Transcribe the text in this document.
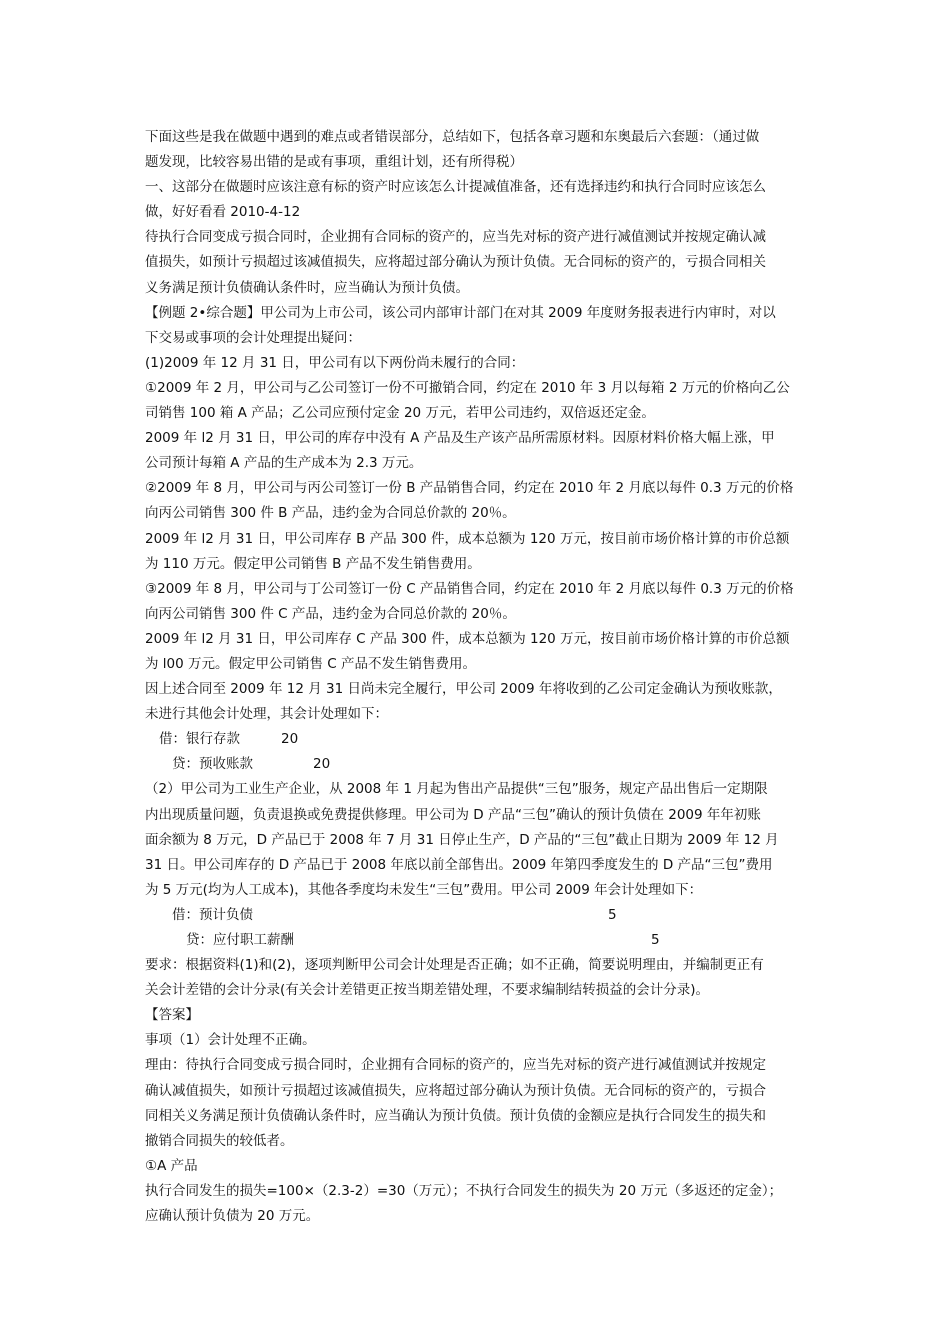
下面这些是我在做题中遇到的难点或者错误部分，总结如下，包括各章习题和东奥最后六套题：（通过做
题发现，比较容易出错的是或有事项，重组计划，还有所得税）
一、这部分在做题时应该注意有标的资产时应该怎么计提减值准备，还有选择违约和执行合同时应该怎么
做，好好看看 2010-4-12
待执行合同变成亏损合同时，企业拥有合同标的资产的，应当先对标的资产进行减值测试并按规定确认减
值损失，如预计亏损超过该减值损失，应将超过部分确认为预计负债。无合同标的资产的，亏损合同相关
义务满足预计负债确认条件时，应当确认为预计负债。
【例题 2•综合题】甲公司为上市公司，该公司内部审计部门在对其 2009 年度财务报表进行内审时，对以
下交易或事项的会计处理提出疑问：
(1)2009 年 12 月 31 日，甲公司有以下两份尚未履行的合同：
①2009 年 2 月，甲公司与乙公司签订一份不可撤销合同，约定在 2010 年 3 月以每箱 2 万元的价格向乙公
司销售 100 箱 A 产品；乙公司应预付定金 20 万元，若甲公司违约，双倍返还定金。
2009 年 l2 月 31 日，甲公司的库存中没有 A 产品及生产该产品所需原材料。因原材料价格大幅上涨，甲
公司预计每箱 A 产品的生产成本为 2.3 万元。
②2009 年 8 月，甲公司与丙公司签订一份 B 产品销售合同，约定在 2010 年 2 月底以每件 0.3 万元的价格
向丙公司销售 300 件 B 产品，违约金为合同总价款的 20％。
2009 年 l2 月 31 日，甲公司库存 B 产品 300 件，成本总额为 120 万元，按目前市场价格计算的市价总额
为 110 万元。假定甲公司销售 B 产品不发生销售费用。
③2009 年 8 月，甲公司与丁公司签订一份 C 产品销售合同，约定在 2010 年 2 月底以每件 0.3 万元的价格
向丙公司销售 300 件 C 产品，违约金为合同总价款的 20％。
2009 年 l2 月 31 日，甲公司库存 C 产品 300 件，成本总额为 120 万元，按目前市场价格计算的市价总额
为 l00 万元。假定甲公司销售 C 产品不发生销售费用。
因上述合同至 2009 年 12 月 31 日尚未完全履行，甲公司 2009 年将收到的乙公司定金确认为预收账款，
未进行其他会计处理，其会计处理如下：
借：银行存款	20
贷：预收账款	20
（2）甲公司为工业生产企业，从 2008 年 1 月起为售出产品提供“三包”服务，规定产品出售后一定期限
内出现质量问题，负责退换或免费提供修理。甲公司为 D 产品“三包”确认的预计负债在 2009 年年初账
面余额为 8 万元，D 产品已于 2008 年 7 月 31 日停止生产，D 产品的“三包”截止日期为 2009 年 12 月
31 日。甲公司库存的 D 产品已于 2008 年底以前全部售出。2009 年第四季度发生的 D 产品“三包”费用
为 5 万元(均为人工成本)，其他各季度均未发生“三包”费用。甲公司 2009 年会计处理如下：
借：预计负债	5
贷：应付职工薪酬	5
要求：根据资料(1)和(2)，逐项判断甲公司会计处理是否正确；如不正确，简要说明理由，并编制更正有
关会计差错的会计分录(有关会计差错更正按当期差错处理，不要求编制结转损益的会计分录)。
【答案】
事项（1）会计处理不正确。
理由：待执行合同变成亏损合同时，企业拥有合同标的资产的，应当先对标的资产进行减值测试并按规定
确认减值损失，如预计亏损超过该减值损失，应将超过部分确认为预计负债。无合同标的资产的，亏损合
同相关义务满足预计负债确认条件时，应当确认为预计负债。预计负债的金额应是执行合同发生的损失和
撤销合同损失的较低者。
①A 产品
执行合同发生的损失=100×（2.3-2）=30（万元）；不执行合同发生的损失为 20 万元（多返还的定金）；
应确认预计负债为 20 万元。
